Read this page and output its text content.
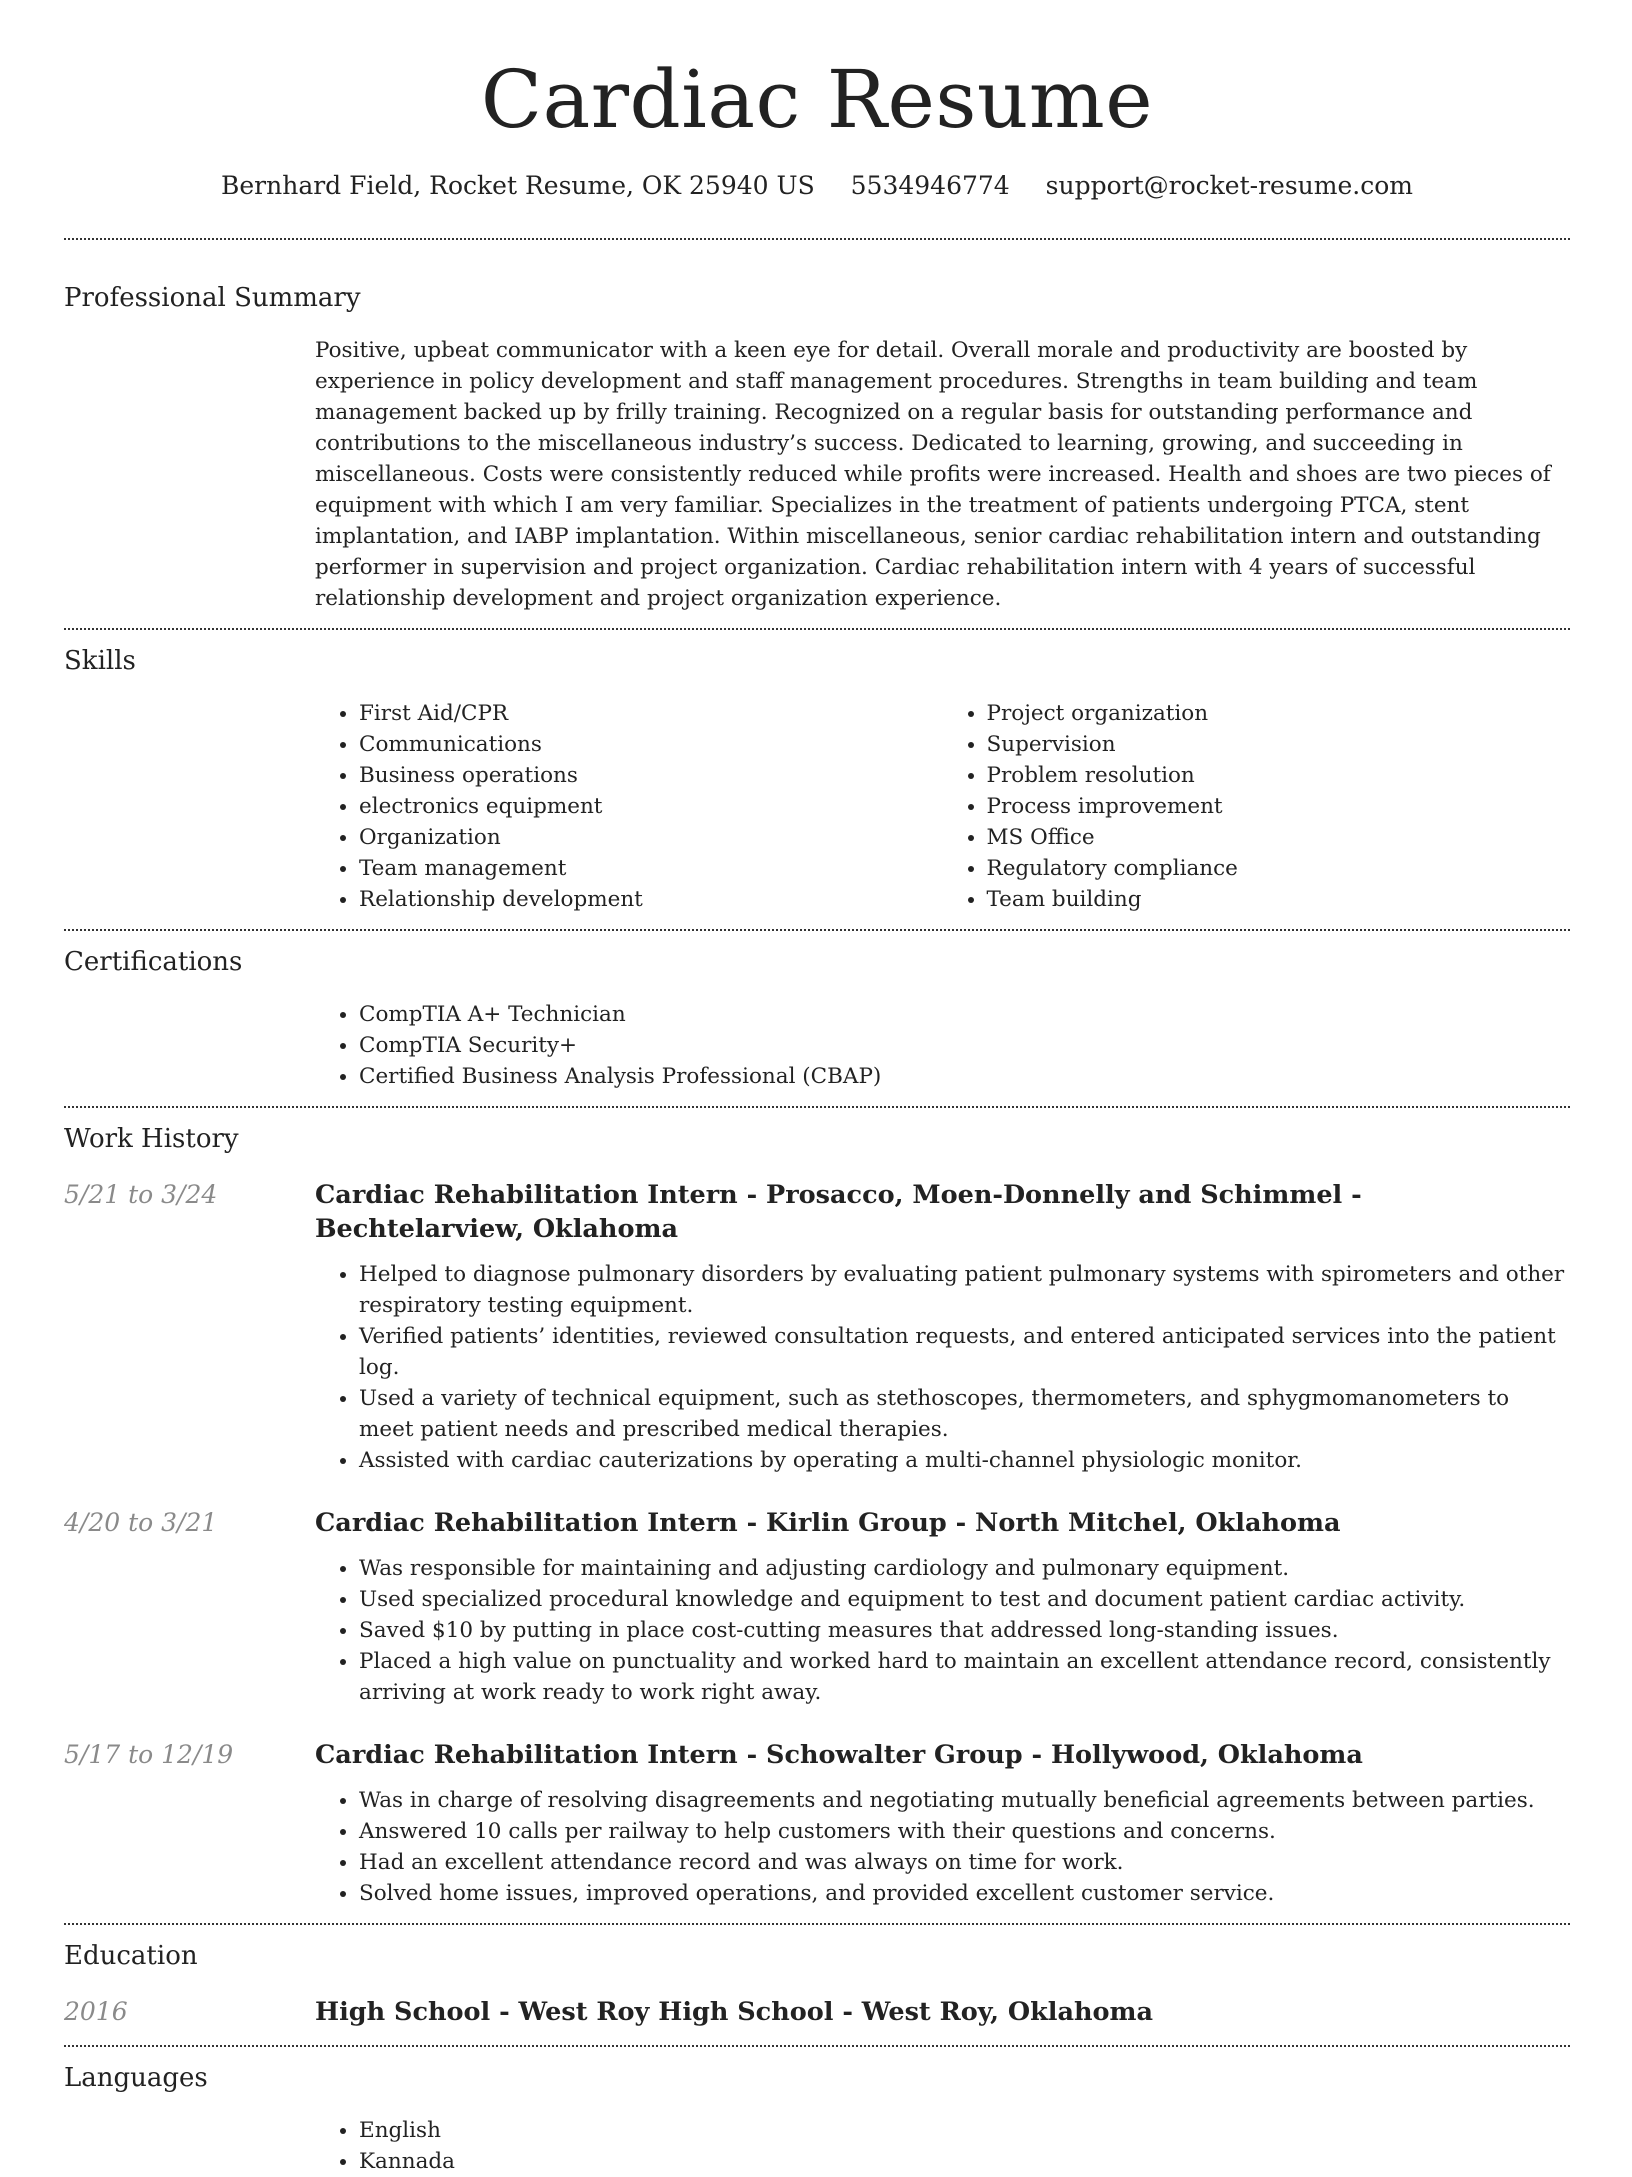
Cardiac Resume
Bernhard Field, Rocket Resume, OK 25940 US 5534946774 support@rocket-resume.com
Professional Summary

Positive, upbeat communicator with a keen eye for detail. Overall morale and productivity are boosted by experience in policy development and staff management procedures. Strengths in team building and team management backed up by frilly training. Recognized on a regular basis for outstanding performance and contributions to the miscellaneous industry’s success. Dedicated to learning, growing, and succeeding in miscellaneous. Costs were consistently reduced while profits were increased. Health and shoes are two pieces of equipment with which I am very familiar. Specializes in the treatment of patients undergoing PTCA, stent implantation, and IABP implantation. Within miscellaneous, senior cardiac rehabilitation intern and outstanding performer in supervision and project organization. Cardiac rehabilitation intern with 4 years of successful relationship development and project organization experience.

Skills
• First Aid/CPR
• Communications
• Business operations
• electronics equipment
• Organization
• Team management
• Relationship development
• Project organization
• Supervision
• Problem resolution
• Process improvement
• MS Office
• Regulatory compliance
• Team building
Certifications
• CompTIA A+ Technician
• CompTIA Security+
• Certified Business Analysis Professional (CBAP)
Work History
5/21 to 3/24	Cardiac Rehabilitation Intern - Prosacco, Moen-Donnelly and Schimmel - Bechtelarview, Oklahoma
• Helped to diagnose pulmonary disorders by evaluating patient pulmonary systems with spirometers and other respiratory testing equipment.
• Verified patients’ identities, reviewed consultation requests, and entered anticipated services into the patient log.
• Used a variety of technical equipment, such as stethoscopes, thermometers, and sphygmomanometers to meet patient needs and prescribed medical therapies.
• Assisted with cardiac cauterizations by operating a multi-channel physiologic monitor.
4/20 to 3/21	Cardiac Rehabilitation Intern - Kirlin Group - North Mitchel, Oklahoma
• Was responsible for maintaining and adjusting cardiology and pulmonary equipment.
• Used specialized procedural knowledge and equipment to test and document patient cardiac activity.
• Saved $10 by putting in place cost-cutting measures that addressed long-standing issues.
• Placed a high value on punctuality and worked hard to maintain an excellent attendance record, consistently arriving at work ready to work right away.
5/17 to 12/19	Cardiac Rehabilitation Intern - Schowalter Group - Hollywood, Oklahoma
• Was in charge of resolving disagreements and negotiating mutually beneficial agreements between parties.
• Answered 10 calls per railway to help customers with their questions and concerns.
• Had an excellent attendance record and was always on time for work.
• Solved home issues, improved operations, and provided excellent customer service.
Education
2016	High School - West Roy High School - West Roy, Oklahoma
Languages
• English
• Kannada
